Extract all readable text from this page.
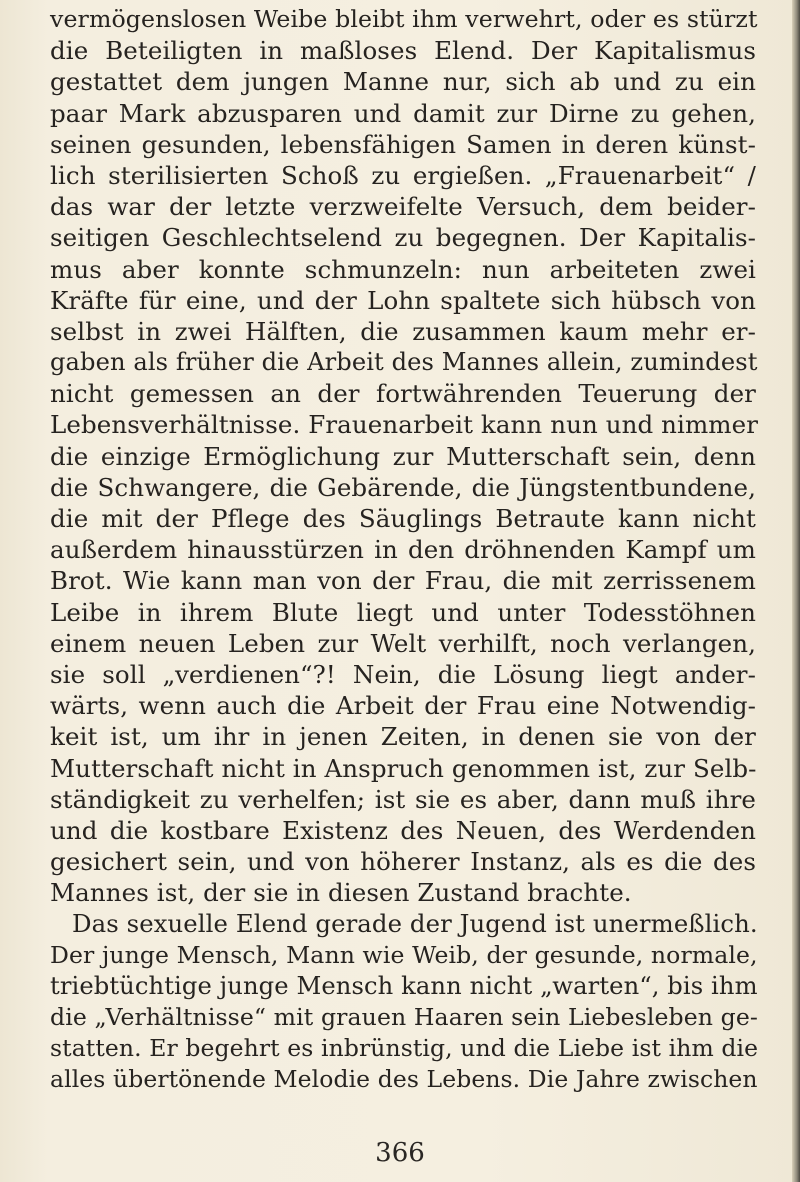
vermögenslosen Weibe bleibt ihm verwehrt, oder es stürzt
die Beteiligten in maßloses Elend. Der Kapitalismus
gestattet dem jungen Manne nur, sich ab und zu ein
paar Mark abzusparen und damit zur Dirne zu gehen,
seinen gesunden, lebensfähigen Samen in deren künst-
lich sterilisierten Schoß zu ergießen. „Frauenarbeit“ /
das war der letzte verzweifelte Versuch, dem beider-
seitigen Geschlechtselend zu begegnen. Der Kapitalis-
mus aber konnte schmunzeln: nun arbeiteten zwei
Kräfte für eine, und der Lohn spaltete sich hübsch von
selbst in zwei Hälften, die zusammen kaum mehr er-
gaben als früher die Arbeit des Mannes allein, zumindest
nicht gemessen an der fortwährenden Teuerung der
Lebensverhältnisse. Frauenarbeit kann nun und nimmer
die einzige Ermöglichung zur Mutterschaft sein, denn
die Schwangere, die Gebärende, die Jüngstentbundene,
die mit der Pflege des Säuglings Betraute kann nicht
außerdem hinausstürzen in den dröhnenden Kampf um
Brot. Wie kann man von der Frau, die mit zerrissenem
Leibe in ihrem Blute liegt und unter Todesstöhnen
einem neuen Leben zur Welt verhilft, noch verlangen,
sie soll „verdienen“?! Nein, die Lösung liegt ander-
wärts, wenn auch die Arbeit der Frau eine Notwendig-
keit ist, um ihr in jenen Zeiten, in denen sie von der
Mutterschaft nicht in Anspruch genommen ist, zur Selb-
ständigkeit zu verhelfen; ist sie es aber, dann muß ihre
und die kostbare Existenz des Neuen, des Werdenden
gesichert sein, und von höherer Instanz, als es die des
Mannes ist, der sie in diesen Zustand brachte.
Das sexuelle Elend gerade der Jugend ist unermeßlich.
Der junge Mensch, Mann wie Weib, der gesunde, normale,
triebtüchtige junge Mensch kann nicht „warten“, bis ihm
die „Verhältnisse“ mit grauen Haaren sein Liebesleben ge-
statten. Er begehrt es inbrünstig, und die Liebe ist ihm die
alles übertönende Melodie des Lebens. Die Jahre zwischen
366
